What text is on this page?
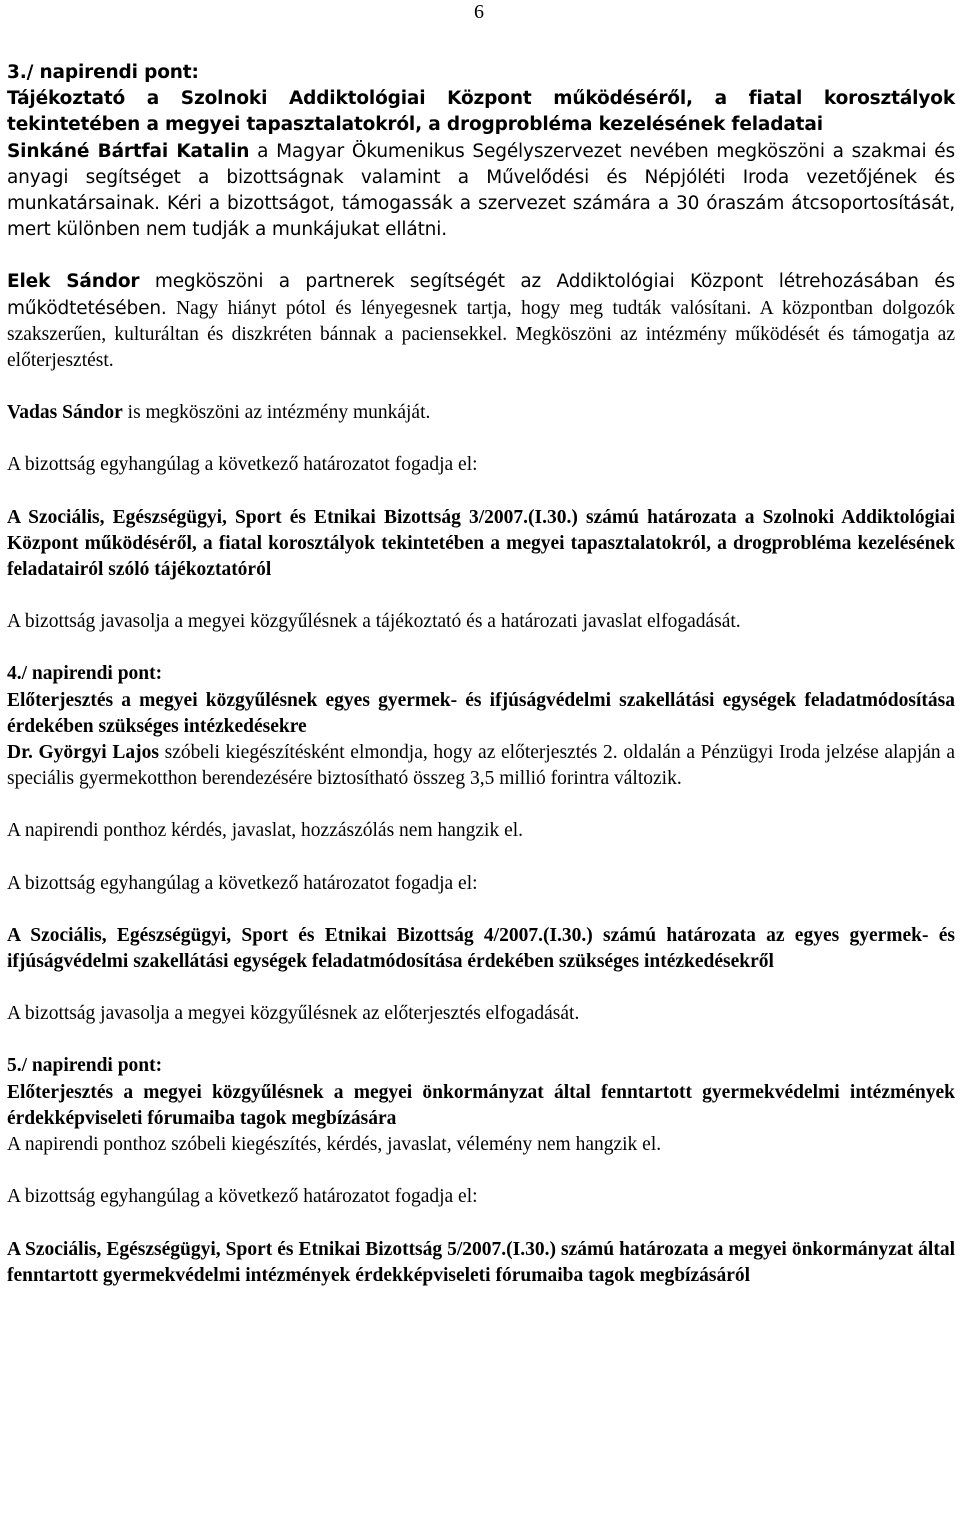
6

3./ napirendi pont:

Tájékoztató a Szolnoki Addiktológiai Központ működéséről, a fiatal korosztályok tekintetében a megyei tapasztalatokról, a drogprobléma kezelésének feladatai

Sinkáné Bártfai Katalin a Magyar Ökumenikus Segélyszervezet nevében megköszöni a szakmai és anyagi segítséget a bizottságnak valamint a Művelődési és Népjóléti Iroda vezetőjének és munkatársainak. Kéri a bizottságot, támogassák a szervezet számára a 30 óraszám átcsoportosítását, mert különben nem tudják a munkájukat ellátni.

Elek Sándor megköszöni a partnerek segítségét az Addiktológiai Központ létrehozásában és működtetésében. Nagy hiányt pótol és lényegesnek tartja, hogy meg tudták valósítani. A központban dolgozók szakszerűen, kulturáltan és diszkréten bánnak a paciensekkel. Megköszöni az intézmény működését és támogatja az előterjesztést.

Vadas Sándor is megköszöni az intézmény munkáját.

A bizottság egyhangúlag a következő határozatot fogadja el:

A Szociális, Egészségügyi, Sport és Etnikai Bizottság 3/2007.(I.30.) számú határozata a Szolnoki Addiktológiai Központ működéséről, a fiatal korosztályok tekintetében a megyei tapasztalatokról, a drogprobléma kezelésének feladatairól szóló tájékoztatóról

A bizottság javasolja a megyei közgyűlésnek a tájékoztató és a határozati javaslat elfogadását.

4./ napirendi pont:

Előterjesztés a megyei közgyűlésnek egyes gyermek- és ifjúságvédelmi szakellátási egységek feladatmódosítása érdekében szükséges intézkedésekre

Dr. Györgyi Lajos szóbeli kiegészítésként elmondja, hogy az előterjesztés 2. oldalán a Pénzügyi Iroda jelzése alapján a speciális gyermekotthon berendezésére biztosítható összeg 3,5 millió forintra változik.

A napirendi ponthoz kérdés, javaslat, hozzászólás nem hangzik el.

A bizottság egyhangúlag a következő határozatot fogadja el:

A Szociális, Egészségügyi, Sport és Etnikai Bizottság 4/2007.(I.30.) számú határozata az egyes gyermek- és ifjúságvédelmi szakellátási egységek feladatmódosítása érdekében szükséges intézkedésekről

A bizottság javasolja a megyei közgyűlésnek az előterjesztés elfogadását.

5./ napirendi pont:

Előterjesztés a megyei közgyűlésnek a megyei önkormányzat által fenntartott gyermekvédelmi intézmények érdekképviseleti fórumaiba tagok megbízására

A napirendi ponthoz szóbeli kiegészítés, kérdés, javaslat, vélemény nem hangzik el.

A bizottság egyhangúlag a következő határozatot fogadja el:

A Szociális, Egészségügyi, Sport és Etnikai Bizottság 5/2007.(I.30.) számú határozata a megyei önkormányzat által fenntartott gyermekvédelmi intézmények érdekképviseleti fórumaiba tagok megbízásáról
